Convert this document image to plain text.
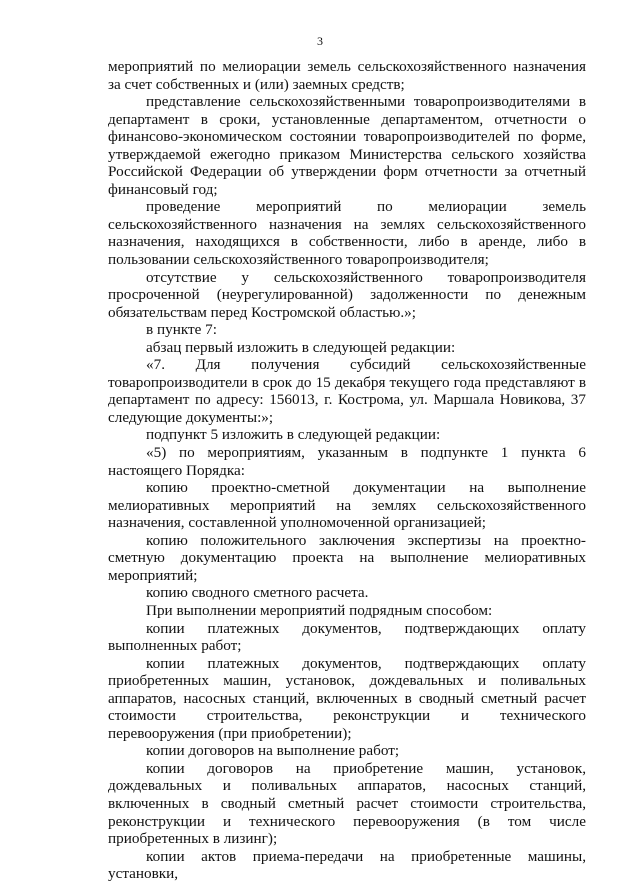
3

мероприятий по мелиорации земель сельскохозяйственного назначения за счет собственных и (или) заемных средств;

представление сельскохозяйственными товаропроизводителями в департамент в сроки, установленные департаментом, отчетности о финансово-экономическом состоянии товаропроизводителей по форме, утверждаемой ежегодно приказом Министерства сельского хозяйства Российской Федерации об утверждении форм отчетности за отчетный финансовый год;

проведение мероприятий по мелиорации земель сельскохозяйственного назначения на землях сельскохозяйственного назначения, находящихся в собственности, либо в аренде, либо в пользовании сельскохозяйственного товаропроизводителя;

отсутствие у сельскохозяйственного товаропроизводителя просроченной (неурегулированной) задолженности по денежным обязательствам перед Костромской областью.»;

в пункте 7:

абзац первый изложить в следующей редакции:

«7. Для получения субсидий сельскохозяйственные товаропроизводители в срок до 15 декабря текущего года представляют в департамент по адресу: 156013, г. Кострома, ул. Маршала Новикова, 37 следующие документы:»;

подпункт 5 изложить в следующей редакции:

«5) по мероприятиям, указанным в подпункте 1 пункта 6 настоящего Порядка:

копию проектно-сметной документации на выполнение мелиоративных мероприятий на землях сельскохозяйственного назначения, составленной уполномоченной организацией;

копию положительного заключения экспертизы на проектно-сметную документацию проекта на выполнение мелиоративных мероприятий;

копию сводного сметного расчета.

При выполнении мероприятий подрядным способом:

копии платежных документов, подтверждающих оплату выполненных работ;

копии платежных документов, подтверждающих оплату приобретенных машин, установок, дождевальных и поливальных аппаратов, насосных станций, включенных в сводный сметный расчет стоимости строительства, реконструкции и технического перевооружения (при приобретении);

копии договоров на выполнение работ;

копии договоров на приобретение машин, установок, дождевальных и поливальных аппаратов, насосных станций, включенных в сводный сметный расчет стоимости строительства, реконструкции и технического перевооружения (в том числе приобретенных в лизинг);

копии актов приема-передачи на приобретенные машины, установки,
